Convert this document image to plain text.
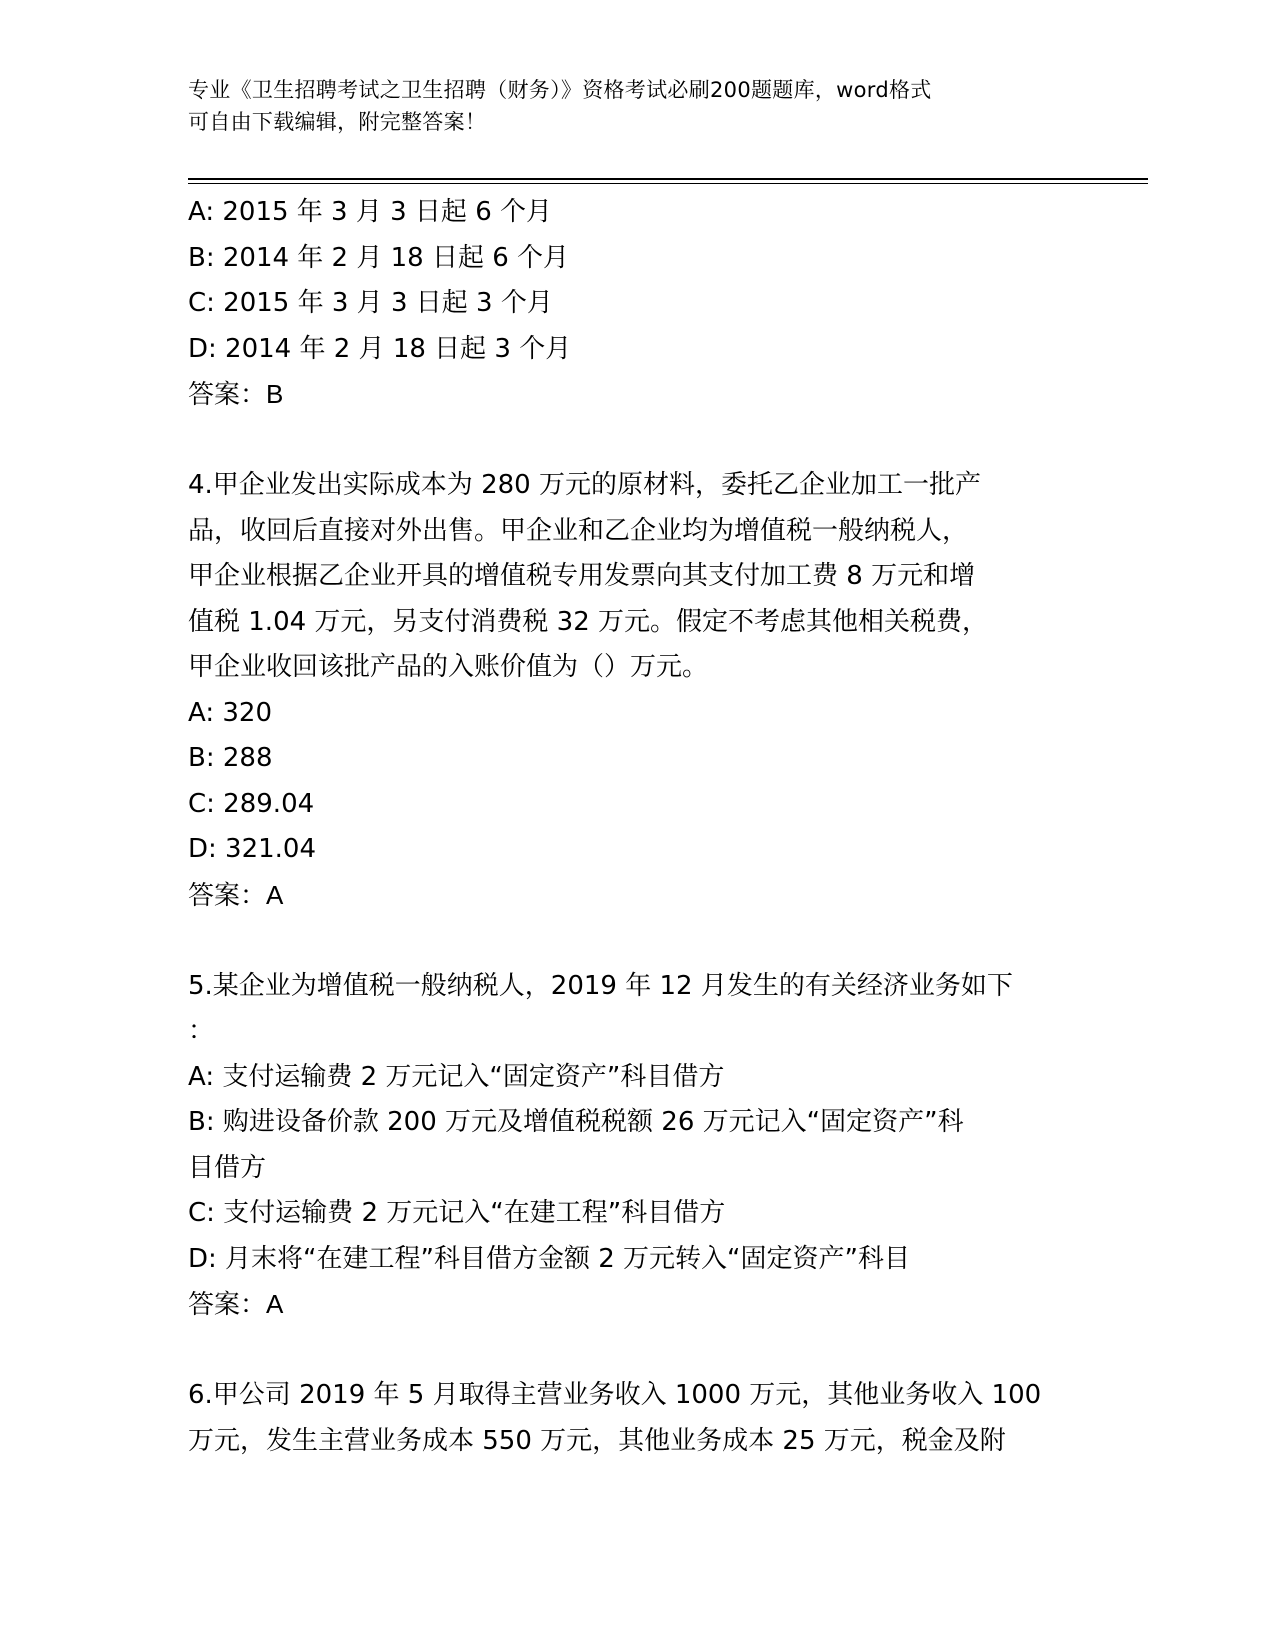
专业《卫生招聘考试之卫生招聘（财务）》资格考试必刷200题题库，word格式
可自由下载编辑，附完整答案！
A: 2015 年 3 月 3 日起 6 个月
B: 2014 年 2 月 18 日起 6 个月
C: 2015 年 3 月 3 日起 3 个月
D: 2014 年 2 月 18 日起 3 个月
答案：B
4.甲企业发出实际成本为 280 万元的原材料，委托乙企业加工一批产
品，收回后直接对外出售。甲企业和乙企业均为增值税一般纳税人，
甲企业根据乙企业开具的增值税专用发票向其支付加工费 8 万元和增
值税 1.04 万元，另支付消费税 32 万元。假定不考虑其他相关税费，
甲企业收回该批产品的入账价值为（）万元。
A: 320
B: 288
C: 289.04
D: 321.04
答案：A
5.某企业为增值税一般纳税人，2019 年 12 月发生的有关经济业务如下
：
A: 支付运输费 2 万元记入“固定资产”科目借方
B: 购进设备价款 200 万元及增值税税额 26 万元记入“固定资产”科
目借方
C: 支付运输费 2 万元记入“在建工程”科目借方
D: 月末将“在建工程”科目借方金额 2 万元转入“固定资产”科目
答案：A
6.甲公司 2019 年 5 月取得主营业务收入 1000 万元，其他业务收入 100
万元，发生主营业务成本 550 万元，其他业务成本 25 万元，税金及附
